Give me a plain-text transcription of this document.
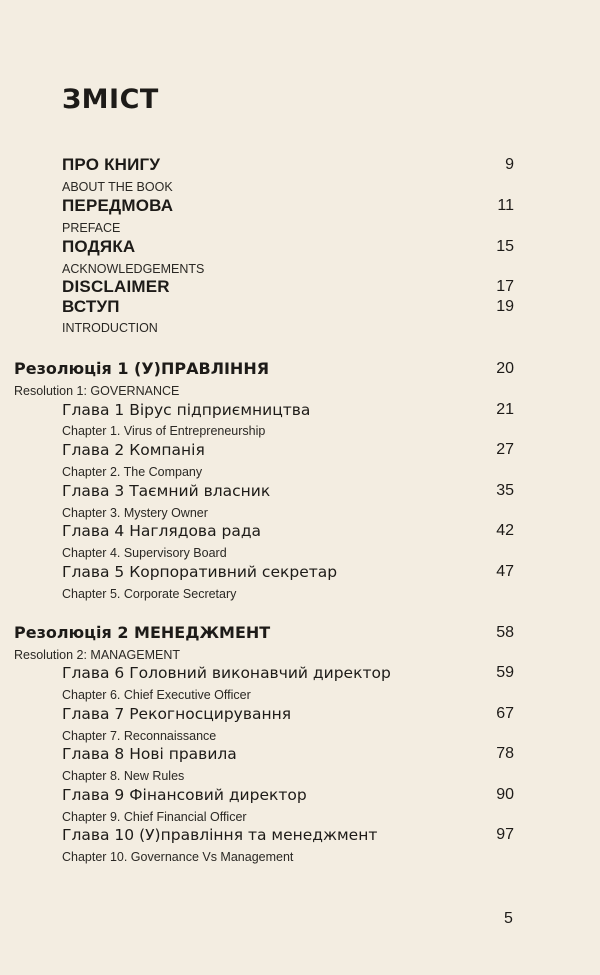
ЗМІСТ
ПРО КНИГУ	9
ABOUT THE BOOK
ПЕРЕДМОВА	11
PREFACE
ПОДЯКА	15
ACKNOWLEDGEMENTS
DISCLAIMER	17
ВСТУП	19
INTRODUCTION
Резолюція 1 (У)ПРАВЛІННЯ	20
Resolution 1: GOVERNANCE
Глава 1 Вірус підприємництва	21
Chapter 1. Virus of Entrepreneurship
Глава 2 Компанія	27
Chapter 2. The Company
Глава 3 Таємний власник	35
Chapter 3. Mystery Owner
Глава 4 Наглядова рада	42
Chapter 4. Supervisory Board
Глава 5 Корпоративний секретар	47
Chapter 5. Corporate Secretary
Резолюція 2 МЕНЕДЖМЕНТ	58
Resolution 2: MANAGEMENT
Глава 6 Головний виконавчий директор	59
Chapter 6. Chief Executive Officer
Глава 7 Рекогносцирування	67
Chapter 7. Reconnaissance
Глава 8 Нові правила	78
Chapter 8. New Rules
Глава 9 Фінансовий директор	90
Chapter 9. Chief Financial Officer
Глава 10 (У)правління та менеджмент	97
Chapter 10. Governance Vs Management
5
